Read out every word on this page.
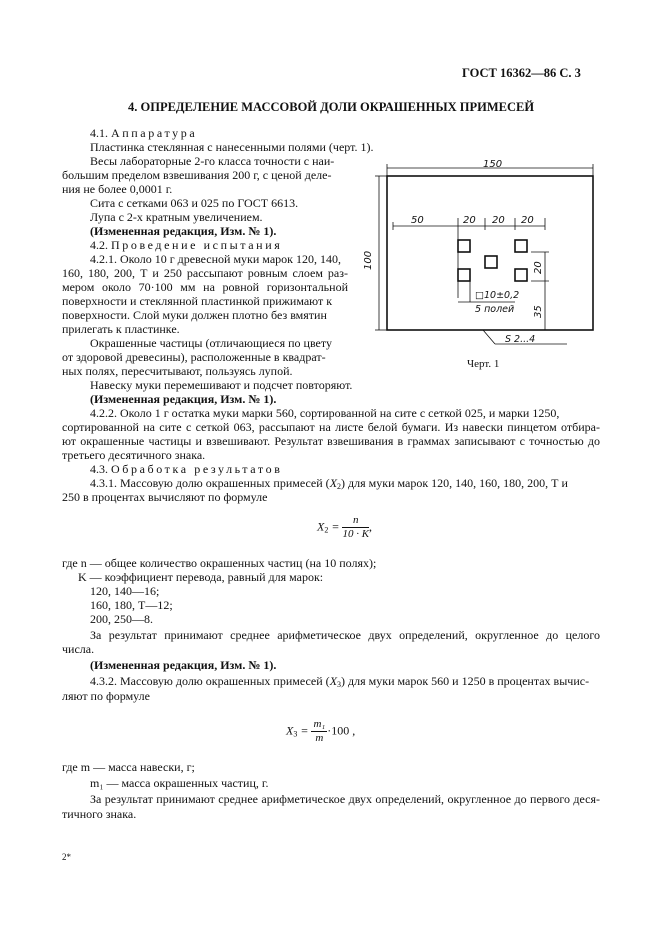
ГОСТ 16362—86 С. 3

4. ОПРЕДЕЛЕНИЕ МАССОВОЙ ДОЛИ ОКРАШЕННЫХ ПРИМЕСЕЙ

4.1. Аппаратура

Пластинка стеклянная с нанесенными полями (черт. 1).

Весы лабораторные 2-го класса точности с наи-

большим пределом взвешивания 200 г, с ценой деле-

ния не более 0,0001 г.

Сита с сетками 063 и 025 по ГОСТ 6613.

Лупа с 2-х кратным увеличением.

(Измененная редакция, Изм. № 1).

4.2. Проведение испытания

4.2.1. Около 10 г древесной муки марок 120, 140,

160, 180, 200, Т и 250 рассыпают ровным слоем раз-

мером около 70·100 мм на ровной горизонтальной

поверхности и стеклянной пластинкой прижимают к

поверхности. Слой муки должен плотно без вмятин

прилегать к пластинке.

Окрашенные частицы (отличающиеся по цвету

от здоровой древесины), расположенные в квадрат-

ных полях, пересчитывают, пользуясь лупой.

Навеску муки перемешивают и подсчет повторяют.

(Измененная редакция, Изм. № 1).

4.2.2. Около 1 г остатка муки марки 560, сортированной на сите с сеткой 025, и марки 1250,

сортированной на сите с сеткой 063, рассыпают на листе белой бумаги. Из навески пинцетом отбира-

ют окрашенные частицы и взвешивают. Результат взвешивания в граммах записывают с точностью до

третьего десятичного знака.

150
100
50	20 20 20
20
35
□10±0,2
5 полей
S 2...4

Черт. 1

4.3. Обработка результатов

4.3.1. Массовую долю окрашенных примесей $(X_2)$ для муки марок 120, 140, 160, 180, 200, Т и

250 в процентах вычисляют по формуле

$X_2 = \frac{n}{10 \cdot K}$ ,

где n — общее количество окрашенных частиц (на 10 полях);

K — коэффициент перевода, равный для марок:

120, 140—16;

160, 180, Т—12;

200, 250—8.

За результат принимают среднее арифметическое двух определений, округленное до целого

числа.

(Измененная редакция, Изм. № 1).

4.3.2. Массовую долю окрашенных примесей $(X_3)$ для муки марок 560 и 1250 в процентах вычис-

ляют по формуле

$X_3 = \frac{\text{m₁}}{m} \cdot 100$ ,

где m — масса навески, г;

m₁ — масса окрашенных частиц, г.

За результат принимают среднее арифметическое двух определений, округленное до первого деся-

тичного знака.

2*
